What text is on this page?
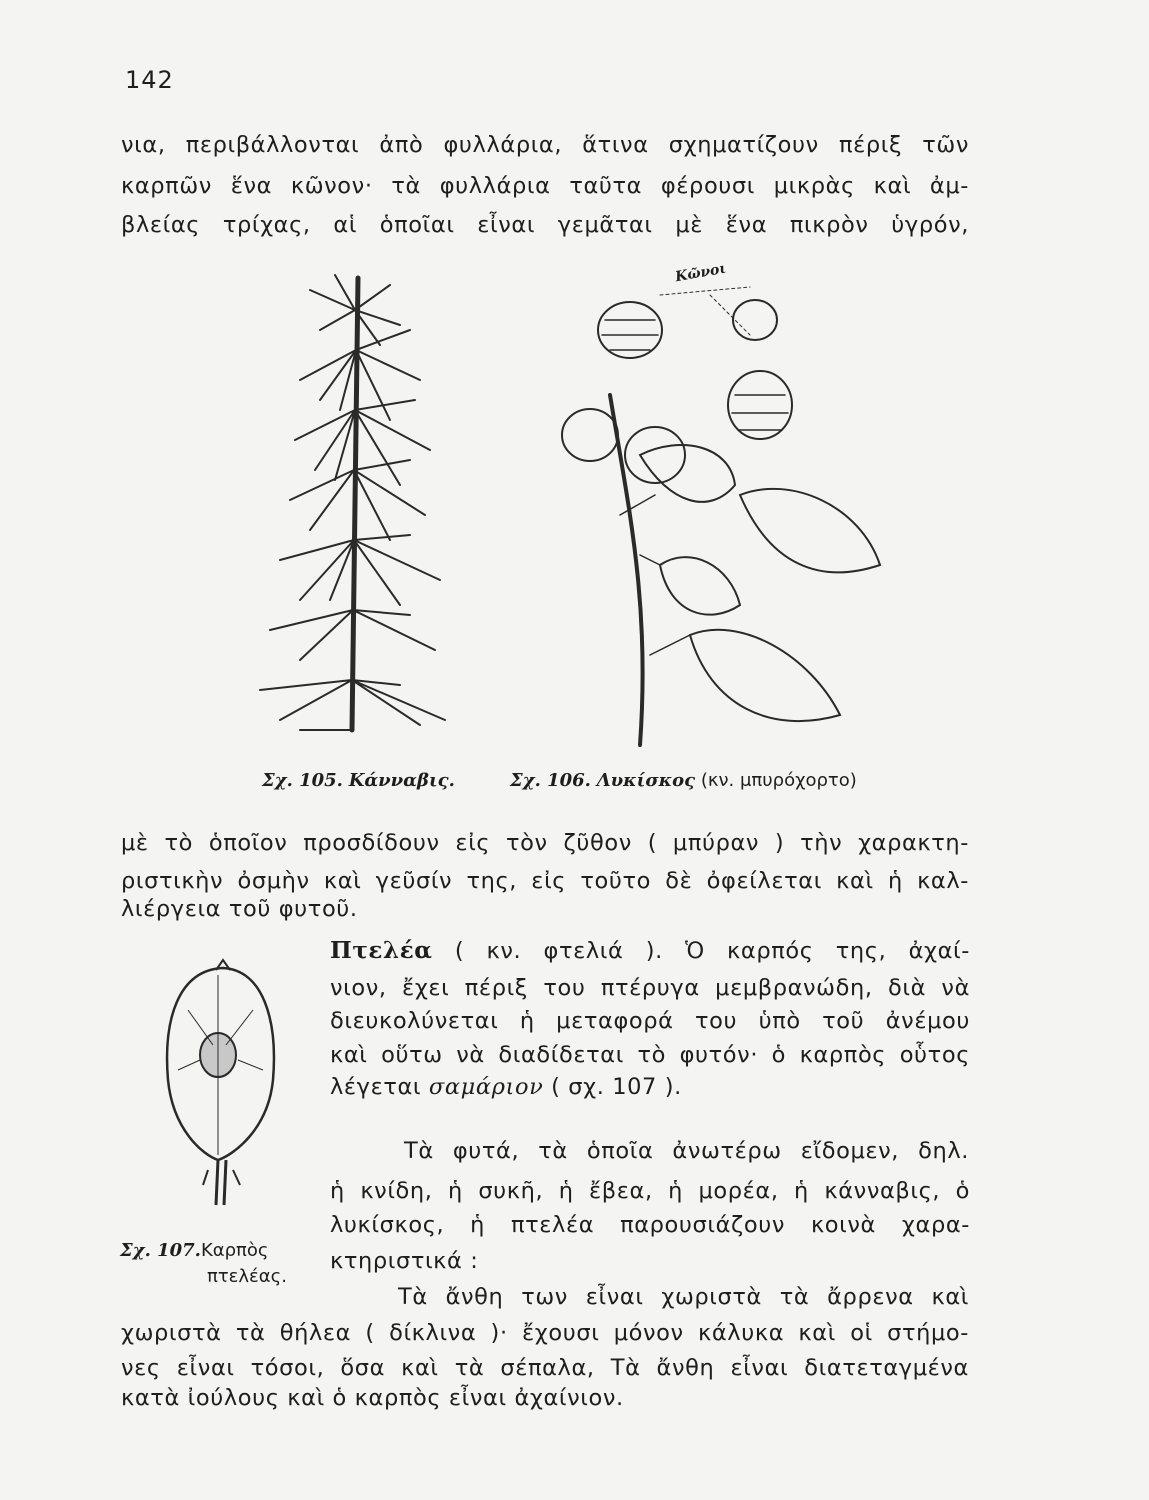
142
νια, περιβάλλονται ἀπὸ φυλλάρια, ἅτινα σχηματίζουν πέριξ τῶν
καρπῶν ἕνα κῶνον· τὰ φυλλάρια ταῦτα φέρουσι μικρὰς καὶ ἀμ-
βλείας τρίχας, αἱ ὁποῖαι εἶναι γεμᾶται μὲ ἕνα πικρὸν ὑγρόν,
Σχ. 105. Κάνναβις.
Κῶνοι
Σχ. 106. Λυκίσκος (κν. μπυρόχορτο)
μὲ τὸ ὁποῖον προσδίδουν εἰς τὸν ζῦθον ( μπύραν ) τὴν χαρακτη-
ριστικὴν ὀσμὴν καὶ γεῦσίν της, εἰς τοῦτο δὲ ὀφείλεται καὶ ἡ καλ-
λιέργεια τοῦ φυτοῦ.
Πτελέα ( κν. φτελιά ). Ὁ καρπός της, ἀχαί-
νιον, ἔχει πέριξ του πτέρυγα μεμβρανώδη, διὰ νὰ
διευκολύνεται ἡ μεταφορά του ὑπὸ τοῦ ἀνέμου
καὶ οὕτω νὰ διαδίδεται τὸ φυτόν· ὁ καρπὸς οὗτος
λέγεται σαμάριον ( σχ. 107 ).
Σχ. 107.Καρπὸς
πτελέας.
Τὰ φυτά, τὰ ὁποῖα ἀνωτέρω εἴδομεν, δηλ.
ἡ κνίδη, ἡ συκῆ, ἡ ἔβεα, ἡ μορέα, ἡ κάνναβις, ὁ
λυκίσκος, ἡ πτελέα παρουσιάζουν κοινὰ χαρα-
κτηριστικά :
Τὰ ἄνθη των εἶναι χωριστὰ τὰ ἄρρενα καὶ
χωριστὰ τὰ θήλεα ( δίκλινα )· ἔχουσι μόνον κάλυκα καὶ οἱ στήμο-
νες εἶναι τόσοι, ὅσα καὶ τὰ σέπαλα, Τὰ ἄνθη εἶναι διατεταγμένα
κατὰ ἰούλους καὶ ὁ καρπὸς εἶναι ἀχαίνιον.
